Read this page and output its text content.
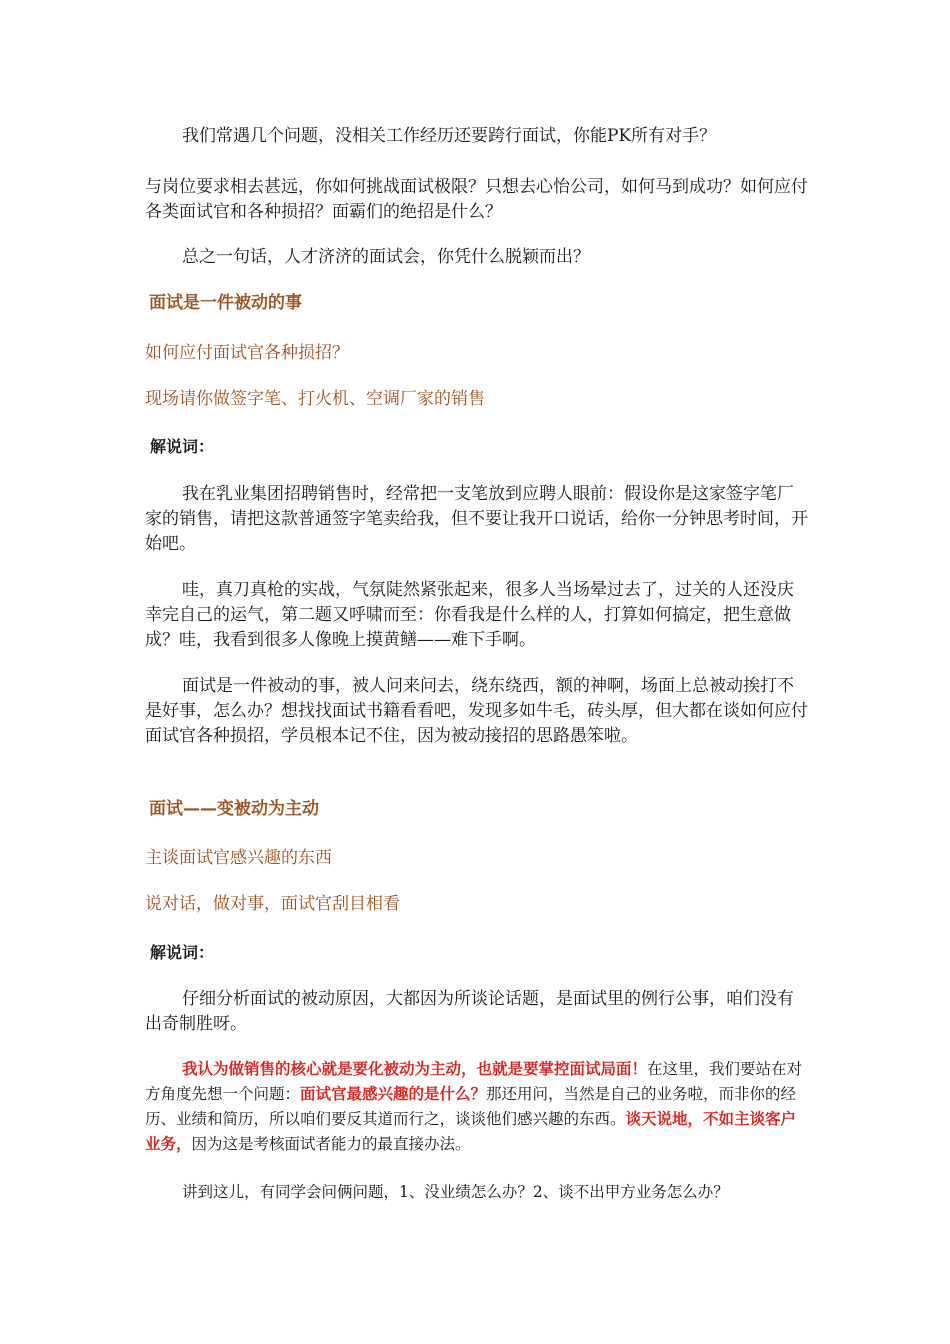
我们常遇几个问题，没相关工作经历还要跨行面试，你能PK所有对手？

与岗位要求相去甚远，你如何挑战面试极限？只想去心怡公司，如何马到成功？如何应付各类面试官和各种损招？面霸们的绝招是什么？

总之一句话，人才济济的面试会，你凭什么脱颖而出？

面试是一件被动的事

如何应付面试官各种损招？

现场请你做签字笔、打火机、空调厂家的销售

解说词：

我在乳业集团招聘销售时，经常把一支笔放到应聘人眼前：假设你是这家签字笔厂家的销售，请把这款普通签字笔卖给我，但不要让我开口说话，给你一分钟思考时间，开始吧。

哇，真刀真枪的实战，气氛陡然紧张起来，很多人当场晕过去了，过关的人还没庆幸完自己的运气，第二题又呼啸而至：你看我是什么样的人，打算如何搞定，把生意做成？哇，我看到很多人像晚上摸黄鳝——难下手啊。

面试是一件被动的事，被人问来问去，绕东绕西，额的神啊，场面上总被动挨打不是好事，怎么办？想找找面试书籍看看吧，发现多如牛毛，砖头厚，但大都在谈如何应付面试官各种损招，学员根本记不住，因为被动接招的思路愚笨啦。

面试——变被动为主动

主谈面试官感兴趣的东西

说对话，做对事，面试官刮目相看

解说词：

仔细分析面试的被动原因，大都因为所谈论话题，是面试里的例行公事，咱们没有出奇制胜呀。

我认为做销售的核心就是要化被动为主动，也就是要掌控面试局面！在这里，我们要站在对方角度先想一个问题：面试官最感兴趣的是什么？那还用问，当然是自己的业务啦，而非你的经历、业绩和简历，所以咱们要反其道而行之，谈谈他们感兴趣的东西。谈天说地，不如主谈客户业务，因为这是考核面试者能力的最直接办法。

讲到这儿，有同学会问俩问题，1、没业绩怎么办？2、谈不出甲方业务怎么办？
